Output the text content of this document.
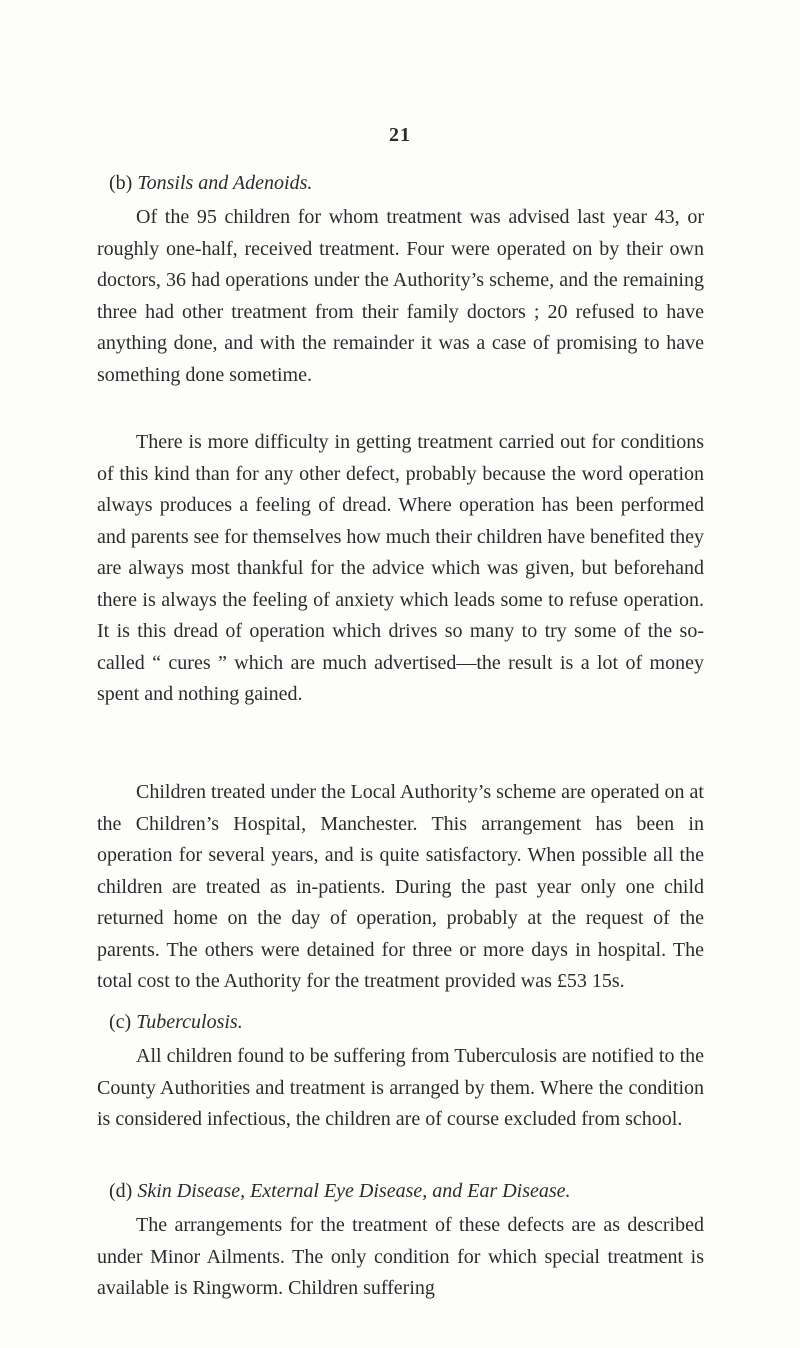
21
(b) Tonsils and Adenoids.

Of the 95 children for whom treatment was advised last year 43, or roughly one-half, received treatment. Four were operated on by their own doctors, 36 had operations under the Authority’s scheme, and the remaining three had other treatment from their family doctors ; 20 refused to have anything done, and with the remainder it was a case of promising to have something done sometime.

There is more difficulty in getting treatment carried out for conditions of this kind than for any other defect, probably because the word operation always produces a feeling of dread. Where operation has been performed and parents see for themselves how much their children have benefited they are always most thankful for the advice which was given, but beforehand there is always the feeling of anxiety which leads some to refuse operation. It is this dread of operation which drives so many to try some of the so-called “ cures ” which are much advertised—the result is a lot of money spent and nothing gained.

Children treated under the Local Authority’s scheme are operated on at the Children’s Hospital, Manchester. This arrangement has been in operation for several years, and is quite satisfactory. When possible all the children are treated as in-patients. During the past year only one child returned home on the day of operation, probably at the request of the parents. The others were detained for three or more days in hospital. The total cost to the Authority for the treatment provided was £53 15s.

(c) Tuberculosis.

All children found to be suffering from Tuberculosis are notified to the County Authorities and treatment is arranged by them. Where the condition is considered infectious, the children are of course excluded from school.

(d) Skin Disease, External Eye Disease, and Ear Disease.

The arrangements for the treatment of these defects are as described under Minor Ailments. The only condition for which special treatment is available is Ringworm. Children suffering
